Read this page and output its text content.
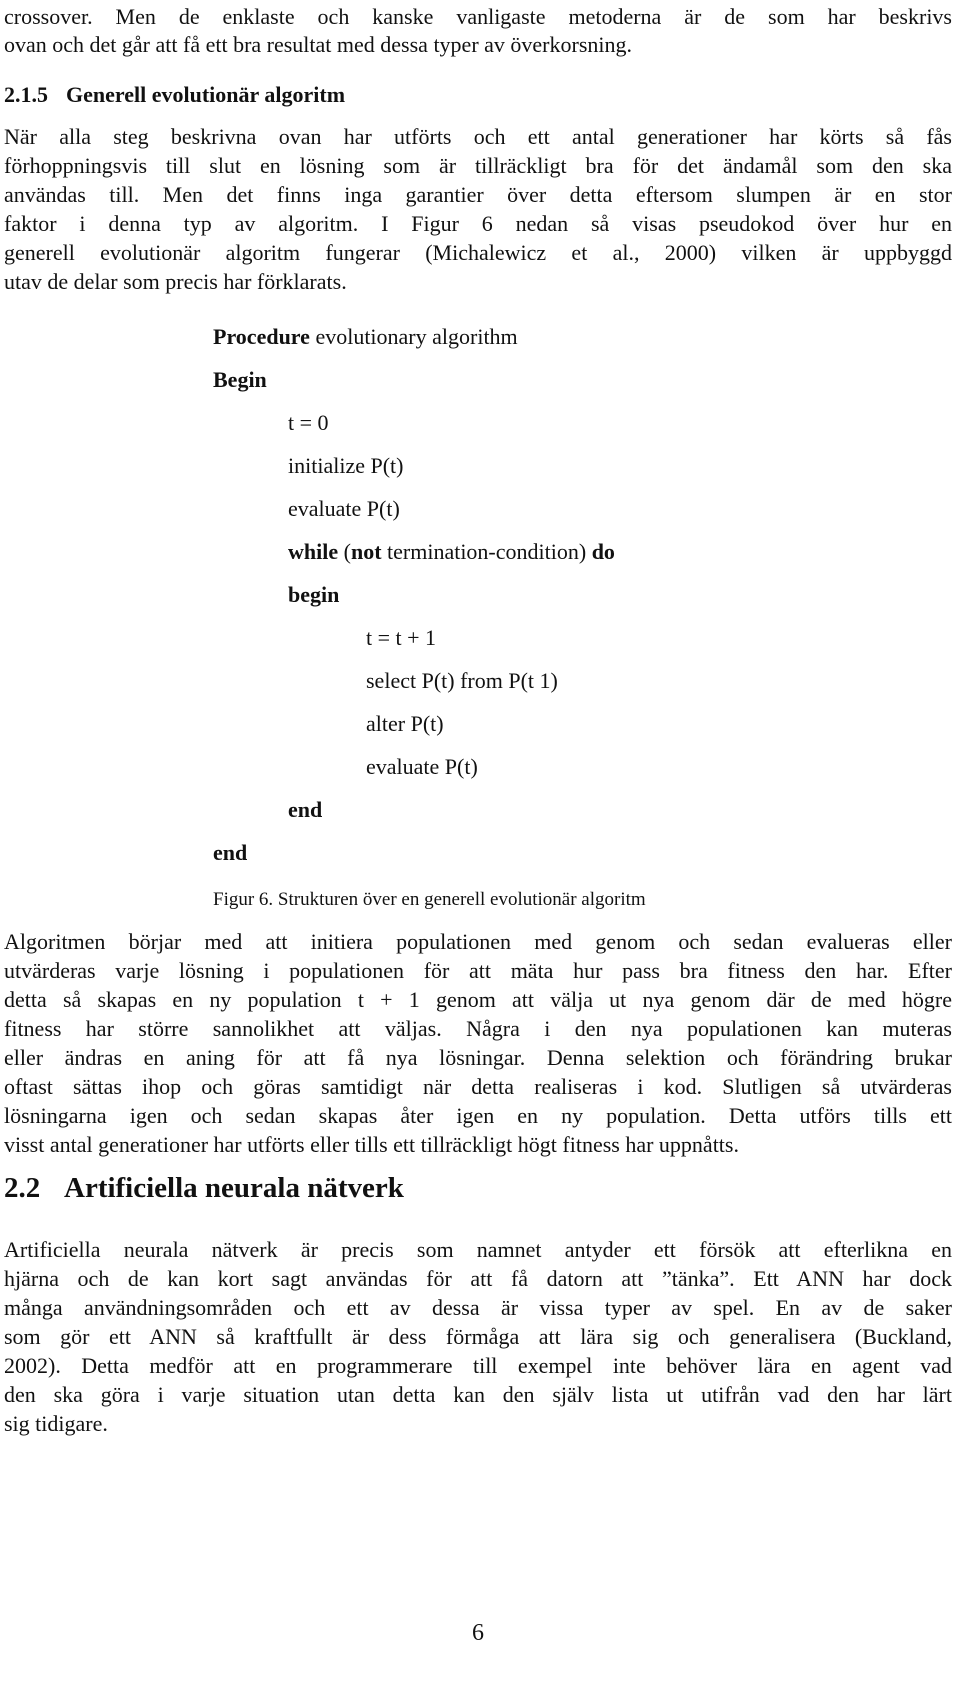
crossover. Men de enklaste och kanske vanligaste metoderna är de som har beskrivs
ovan och det går att få ett bra resultat med dessa typer av överkorsning.
2.1.5 Generell evolutionär algoritm
När alla steg beskrivna ovan har utförts och ett antal generationer har körts så fås
förhoppningsvis till slut en lösning som är tillräckligt bra för det ändamål som den ska
användas till. Men det finns inga garantier över detta eftersom slumpen är en stor
faktor i denna typ av algoritm. I Figur 6 nedan så visas pseudokod över hur en
generell evolutionär algoritm fungerar (Michalewicz et al., 2000) vilken är uppbyggd
utav de delar som precis har förklarats.
Procedure evolutionary algorithm
Begin
t = 0
initialize P(t)
evaluate P(t)
while (not termination-condition) do
begin
t = t + 1
select P(t) from P(t 1)
alter P(t)
evaluate P(t)
end
end
Figur 6. Strukturen över en generell evolutionär algoritm
Algoritmen börjar med att initiera populationen med genom och sedan evalueras eller
utvärderas varje lösning i populationen för att mäta hur pass bra fitness den har. Efter
detta så skapas en ny population t + 1 genom att välja ut nya genom där de med högre
fitness har större sannolikhet att väljas. Några i den nya populationen kan muteras
eller ändras en aning för att få nya lösningar. Denna selektion och förändring brukar
oftast sättas ihop och göras samtidigt när detta realiseras i kod. Slutligen så utvärderas
lösningarna igen och sedan skapas åter igen en ny population. Detta utförs tills ett
visst antal generationer har utförts eller tills ett tillräckligt högt fitness har uppnåtts.
2.2 Artificiella neurala nätverk
Artificiella neurala nätverk är precis som namnet antyder ett försök att efterlikna en
hjärna och de kan kort sagt användas för att få datorn att ”tänka”. Ett ANN har dock
många användningsområden och ett av dessa är vissa typer av spel. En av de saker
som gör ett ANN så kraftfullt är dess förmåga att lära sig och generalisera (Buckland,
2002). Detta medför att en programmerare till exempel inte behöver lära en agent vad
den ska göra i varje situation utan detta kan den själv lista ut utifrån vad den har lärt
sig tidigare.
6
